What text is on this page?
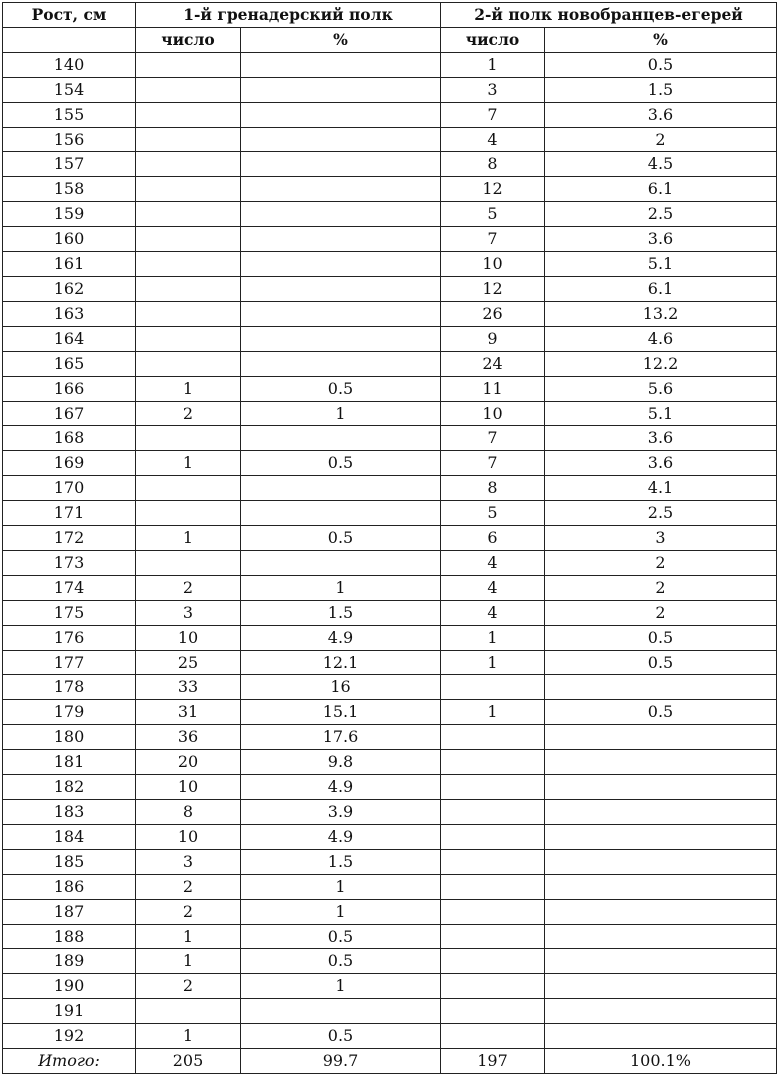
Рост, см	1-й гренадерский полк		2-й полк новобранцев-егерей	
	число	%	число	%
140			1	0.5
154			3	1.5
155			7	3.6
156			4	2
157			8	4.5
158			12	6.1
159			5	2.5
160			7	3.6
161			10	5.1
162			12	6.1
163			26	13.2
164			9	4.6
165			24	12.2
166	1	0.5	11	5.6
167	2	1	10	5.1
168			7	3.6
169	1	0.5	7	3.6
170			8	4.1
171			5	2.5
172	1	0.5	6	3
173			4	2
174	2	1	4	2
175	3	1.5	4	2
176	10	4.9	1	0.5
177	25	12.1	1	0.5
178	33	16		
179	31	15.1	1	0.5
180	36	17.6		
181	20	9.8		
182	10	4.9		
183	8	3.9		
184	10	4.9		
185	3	1.5		
186	2	1		
187	2	1		
188	1	0.5		
189	1	0.5		
190	2	1		
191				
192	1	0.5		
Итого:	205	99.7	197	100.1%
